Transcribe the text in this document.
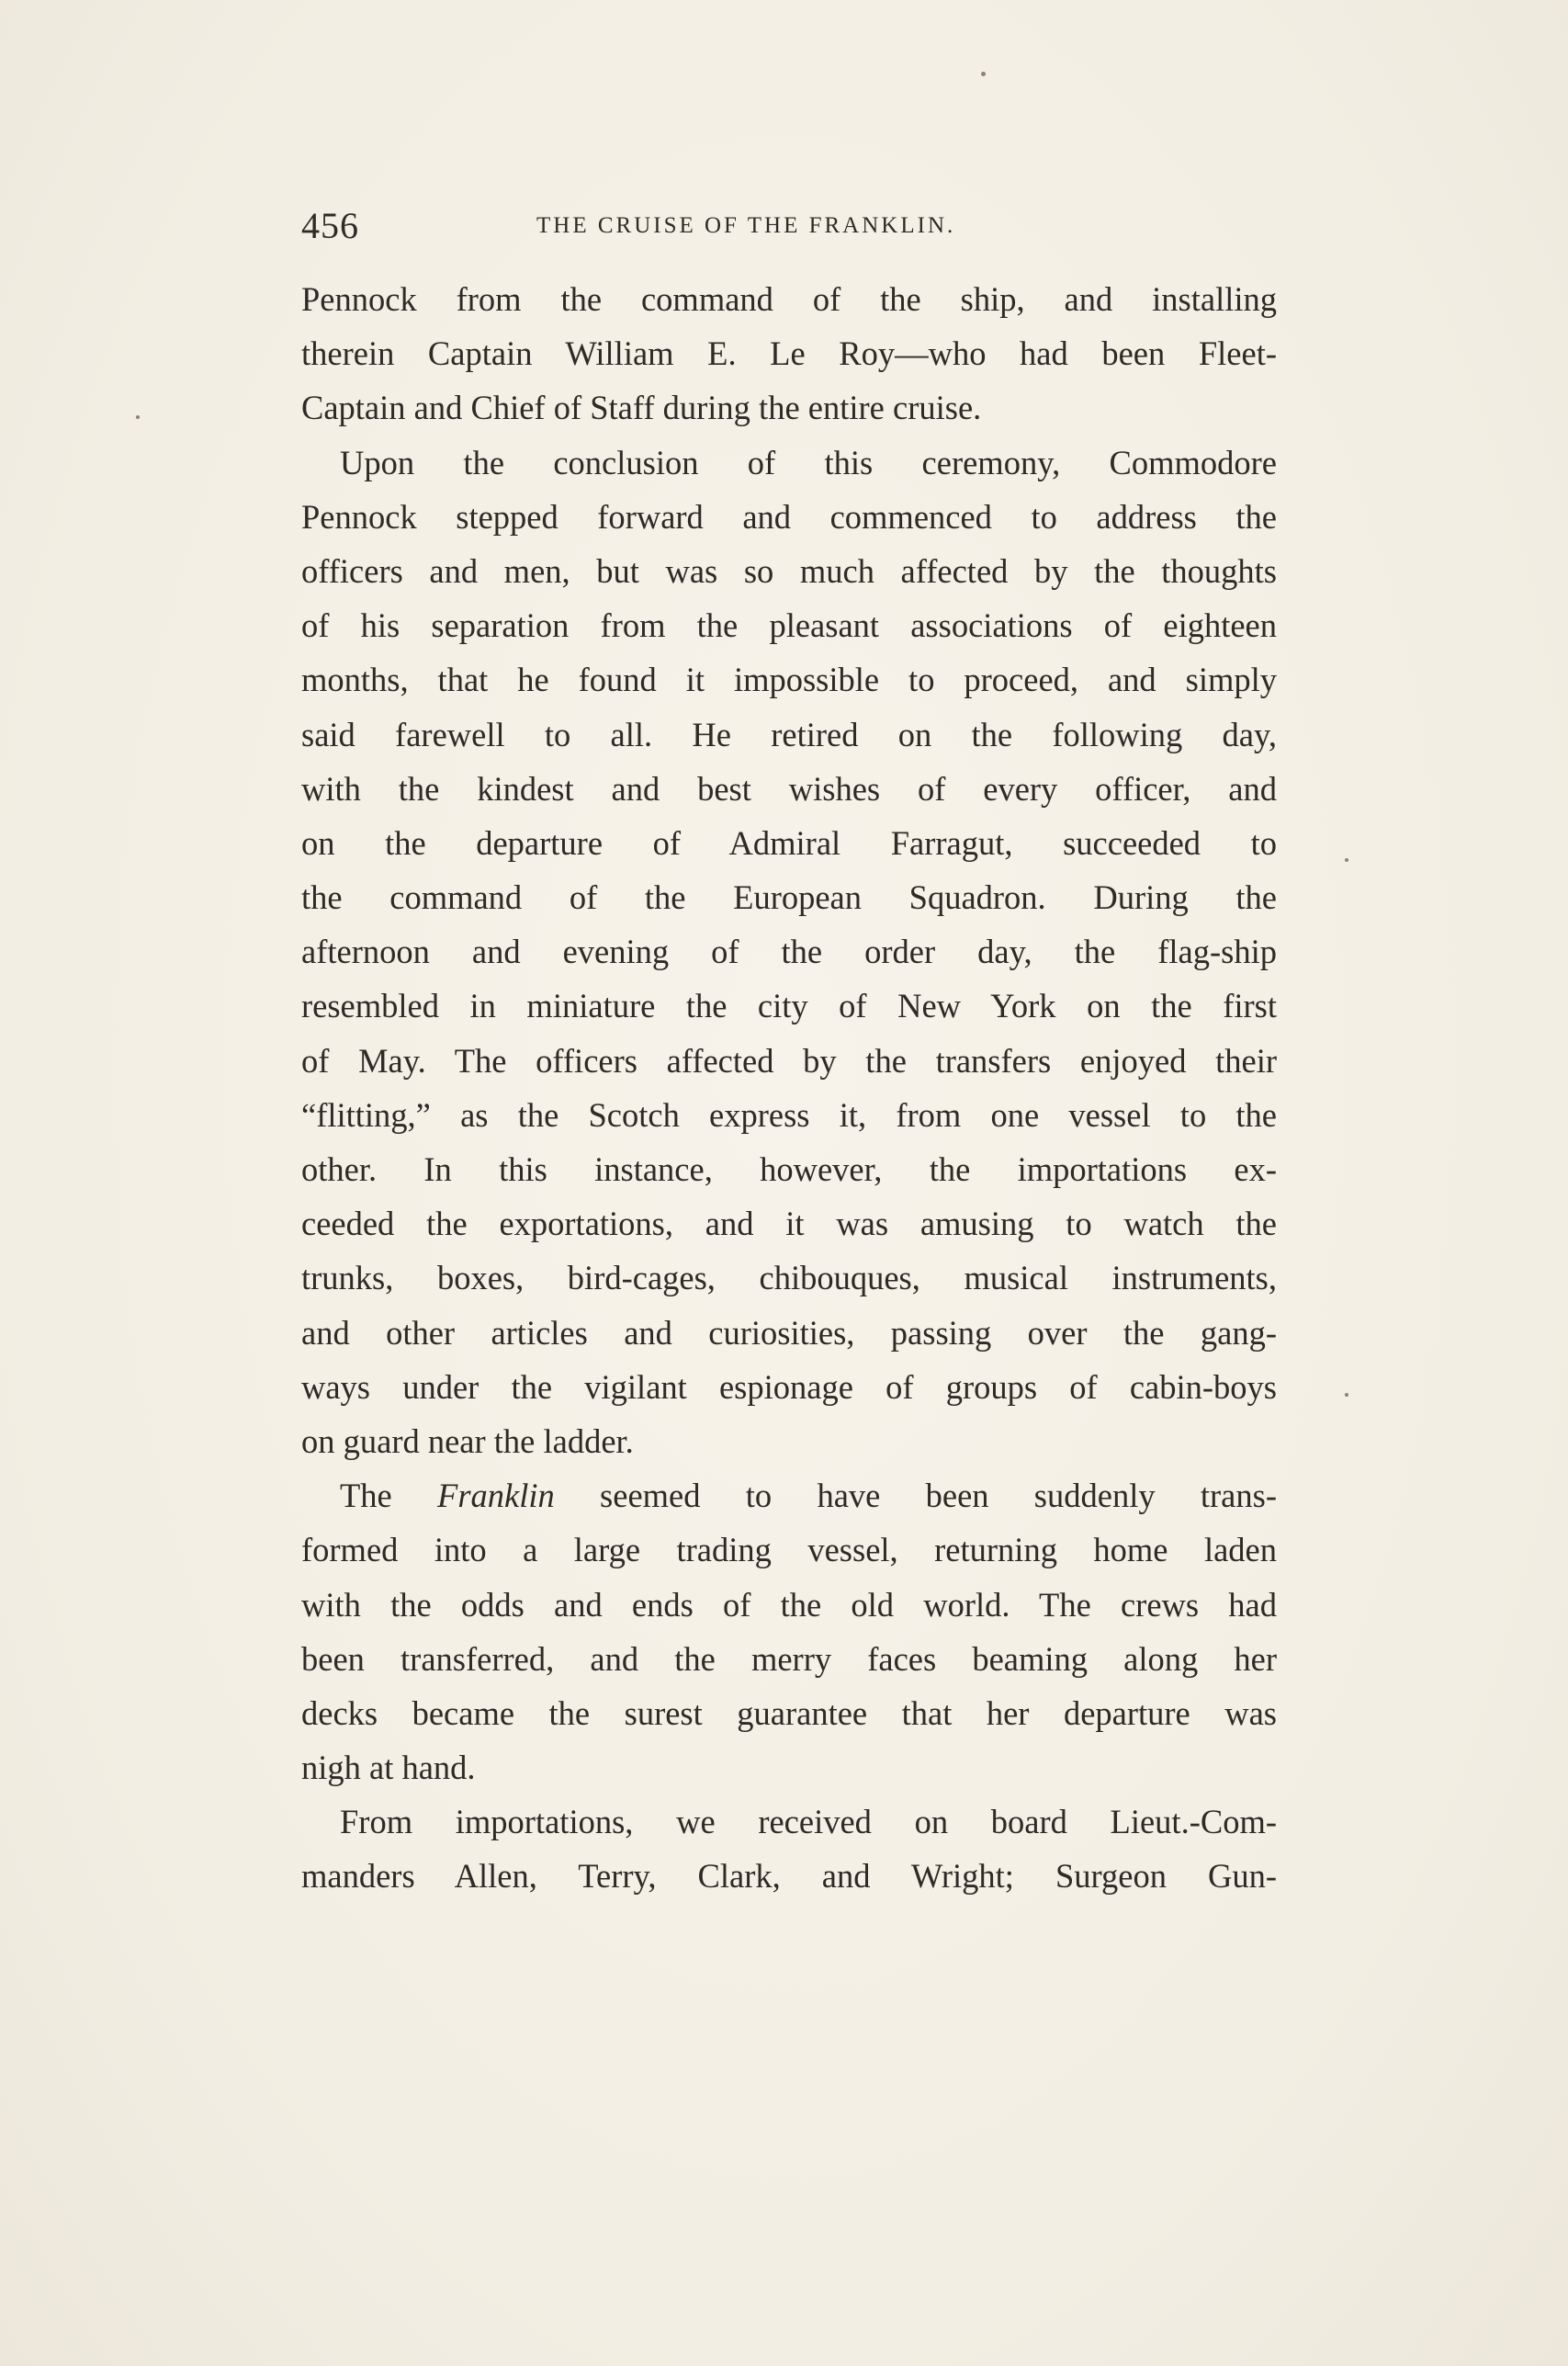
456	THE CRUISE OF THE FRANKLIN.
Pennock from the command of the ship, and installing
therein Captain William E. Le Roy—who had been Fleet-
Captain and Chief of Staff during the entire cruise.
Upon the conclusion of this ceremony, Commodore
Pennock stepped forward and commenced to address the
officers and men, but was so much affected by the thoughts
of his separation from the pleasant associations of eighteen
months, that he found it impossible to proceed, and simply
said farewell to all. He retired on the following day,
with the kindest and best wishes of every officer, and
on the departure of Admiral Farragut, succeeded to
the command of the European Squadron. During the
afternoon and evening of the order day, the flag-ship
resembled in miniature the city of New York on the first
of May. The officers affected by the transfers enjoyed their
“flitting,” as the Scotch express it, from one vessel to the
other. In this instance, however, the importations ex-
ceeded the exportations, and it was amusing to watch the
trunks, boxes, bird-cages, chibouques, musical instruments,
and other articles and curiosities, passing over the gang-
ways under the vigilant espionage of groups of cabin-boys
on guard near the ladder.
The Franklin seemed to have been suddenly trans-
formed into a large trading vessel, returning home laden
with the odds and ends of the old world. The crews had
been transferred, and the merry faces beaming along her
decks became the surest guarantee that her departure was
nigh at hand.
From importations, we received on board Lieut.-Com-
manders Allen, Terry, Clark, and Wright; Surgeon Gun-
